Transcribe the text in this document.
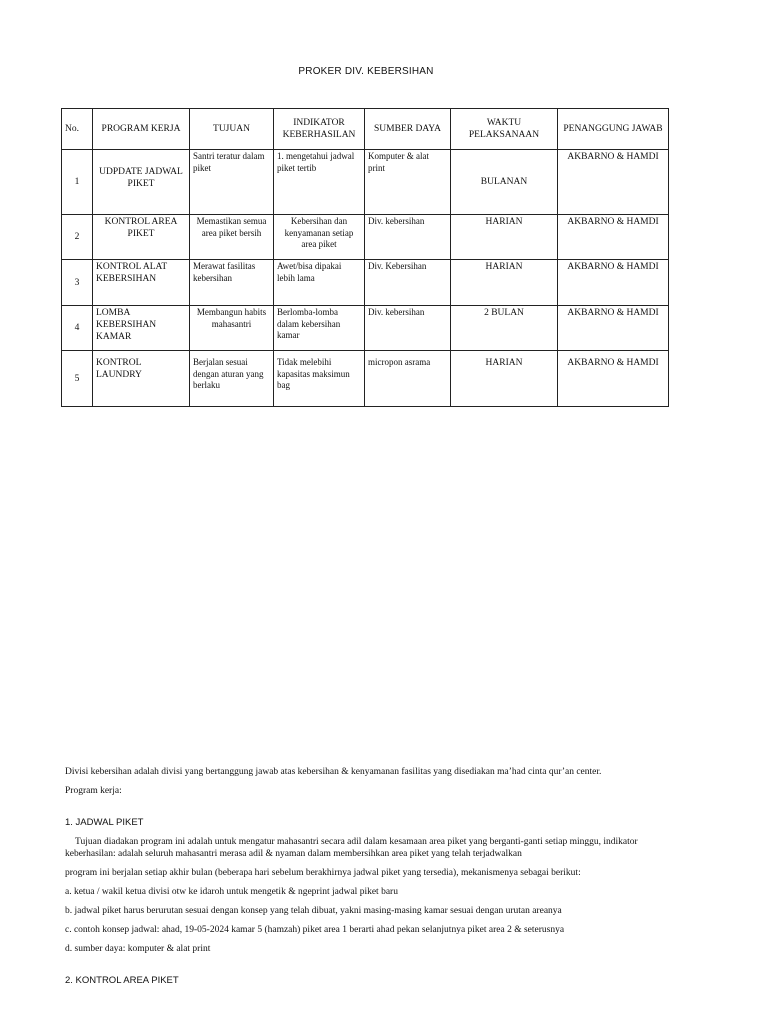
PROKER DIV. KEBERSIHAN
No.	PROGRAM KERJA	TUJUAN	INDIKATOR KEBERHASILAN	SUMBER DAYA	WAKTU PELAKSANAAN	PENANGGUNG JAWAB
1	UDPDATE JADWAL PIKET	Santri teratur dalam piket	1. mengetahui jadwal piket tertib	Komputer & alat print	BULANAN	AKBARNO & HAMDI
2	KONTROL AREA PIKET	Memastikan semua area piket bersih	Kebersihan dan kenyamanan setiap area piket	Div. kebersihan	HARIAN	AKBARNO & HAMDI
3	KONTROL ALAT KEBERSIHAN	Merawat fasilitas kebersihan	Awet/bisa dipakai lebih lama	Div. Kebersihan	HARIAN	AKBARNO & HAMDI
4	LOMBA KEBERSIHAN KAMAR	Membangun habits mahasantri	Berlomba-lomba dalam kebersihan kamar	Div. kebersihan	2 BULAN	AKBARNO & HAMDI
5	KONTROL LAUNDRY	Berjalan sesuai dengan aturan yang berlaku	Tidak melebihi kapasitas maksimun bag	micropon asrama	HARIAN	AKBARNO & HAMDI

Divisi kebersihan adalah divisi yang bertanggung jawab atas kebersihan & kenyamanan fasilitas yang disediakan ma’had cinta qur’an center.

Program kerja:

1. JADWAL PIKET

Tujuan diadakan program ini adalah untuk mengatur mahasantri secara adil dalam kesamaan area piket yang berganti-ganti setiap minggu, indikator keberhasilan: adalah seluruh mahasantri merasa adil & nyaman dalam membersihkan area piket yang telah terjadwalkan

program ini berjalan setiap akhir bulan (beberapa hari sebelum berakhirnya jadwal piket yang tersedia), mekanismenya sebagai berikut:

a. ketua / wakil ketua divisi otw ke idaroh untuk mengetik & ngeprint jadwal piket baru

b. jadwal piket harus berurutan sesuai dengan konsep yang telah dibuat, yakni masing-masing kamar sesuai dengan urutan areanya

c. contoh konsep jadwal: ahad, 19-05-2024 kamar 5 (hamzah) piket area 1 berarti ahad pekan selanjutnya piket area 2 & seterusnya

d. sumber daya: komputer & alat print

2. KONTROL AREA PIKET
